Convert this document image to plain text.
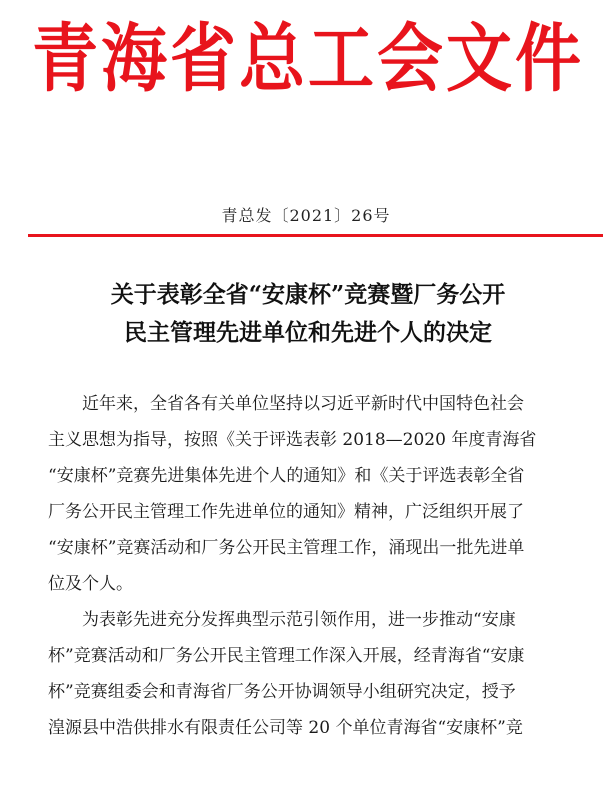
青海省总工会文件
青总发〔2021〕26号
关于表彰全省“安康杯”竞赛暨厂务公开
民主管理先进单位和先进个人的决定
近年来，全省各有关单位坚持以习近平新时代中国特色社会
主义思想为指导，按照《关于评选表彰 2018—2020 年度青海省
“安康杯”竞赛先进集体先进个人的通知》和《关于评选表彰全省
厂务公开民主管理工作先进单位的通知》精神，广泛组织开展了
“安康杯”竞赛活动和厂务公开民主管理工作，涌现出一批先进单
位及个人。
为表彰先进充分发挥典型示范引领作用，进一步推动“安康
杯”竞赛活动和厂务公开民主管理工作深入开展，经青海省“安康
杯”竞赛组委会和青海省厂务公开协调领导小组研究决定，授予
湟源县中浩供排水有限责任公司等 20 个单位青海省“安康杯”竞
